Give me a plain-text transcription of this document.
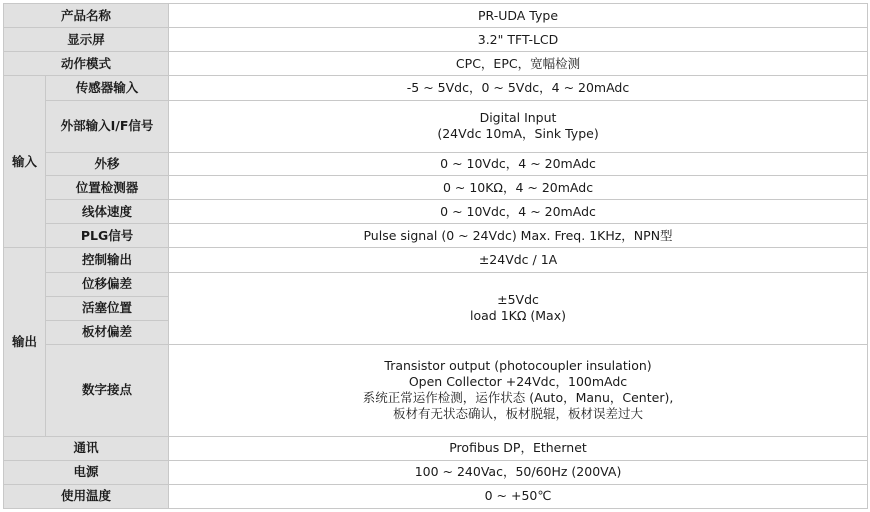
产品名称		PR-UDA Type
显示屏		3.2" TFT-LCD
动作模式		CPC，EPC，宽幅检测
输入	传感器输入	-5 ~ 5Vdc，0 ~ 5Vdc，4 ~ 20mAdc
	外部输入I/F信号	Digital Input
(24Vdc 10mA，Sink Type)

	外移	0 ~ 10Vdc，4 ~ 20mAdc
	位置检测器	0 ~ 10KΩ，4 ~ 20mAdc
	线体速度	0 ~ 10Vdc，4 ~ 20mAdc
	PLG信号	Pulse signal (0 ~ 24Vdc) Max. Freq. 1KHz，NPN型
输出	控制输出	±24Vdc / 1A
	位移偏差	±5Vdc
load 1KΩ (Max)

	活塞位置	
	板材偏差	
	数字接点	Transistor output (photocoupler insulation)
Open Collector +24Vdc，100mAdc
系统正常运作检测，运作状态 (Auto，Manu，Center),
板材有无状态确认，板材脱辊，板材误差过大

通讯		Profibus DP，Ethernet
电源		100 ~ 240Vac，50/60Hz (200VA)
使用温度		0 ~ +50℃
